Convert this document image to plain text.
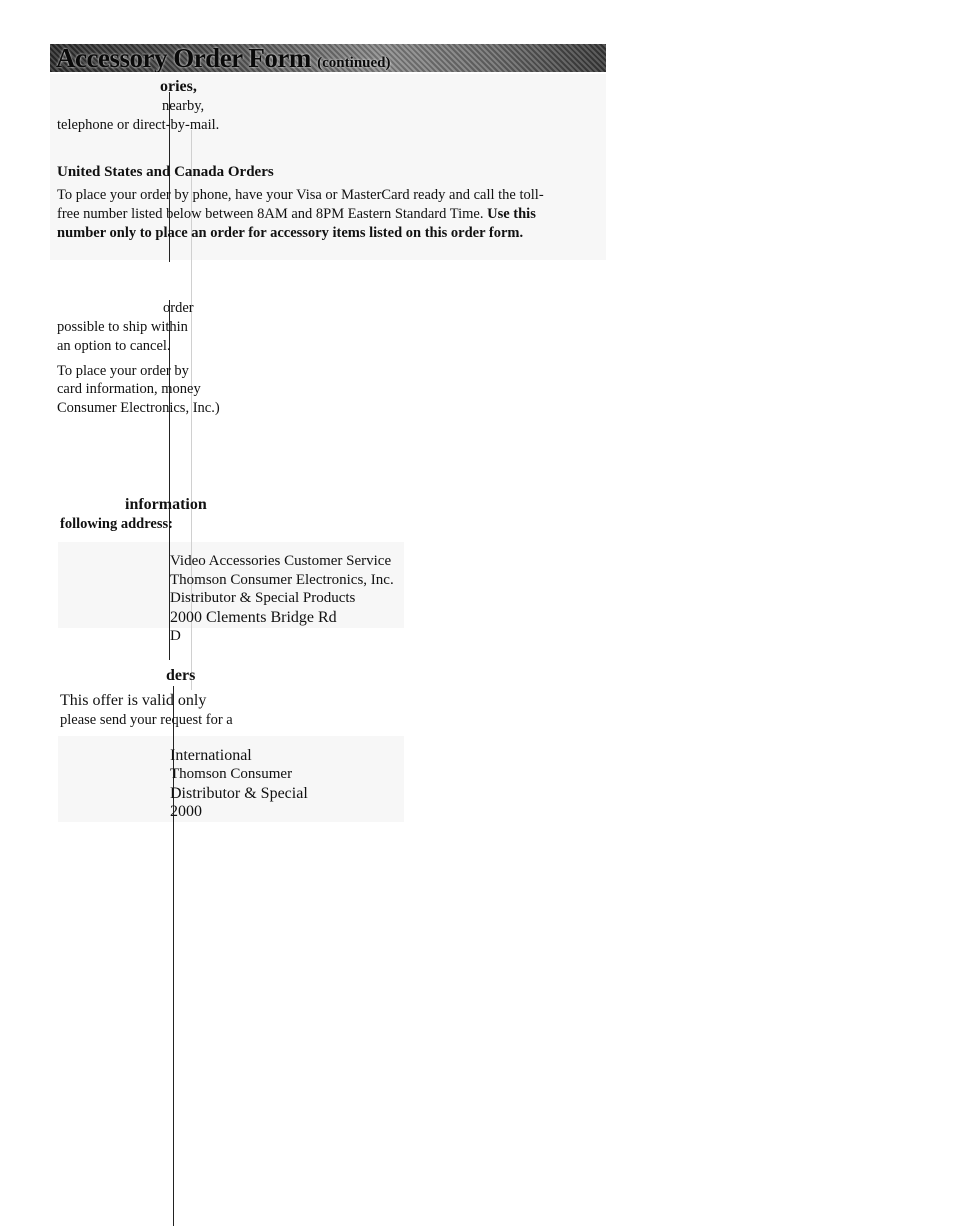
Accessory Order Form (continued)
ories,
nearby,
telephone or direct-by-mail.
United States and Canada Orders
To place your order by phone, have your Visa or MasterCard ready and call the toll-
free number listed below between 8AM and 8PM Eastern Standard Time. Use this
number only to place an order for accessory items listed on this order form.
order
possible to ship within
an option to cancel.
To place your order by
card information, money
Consumer Electronics, Inc.)
information
following address:
Video Accessories Customer Service
Thomson Consumer Electronics, Inc.
Distributor & Special Products
2000 Clements Bridge Rd
D
ders
This offer is valid only
please send your request for a
International
Thomson Consumer
Distributor & Special
2000
